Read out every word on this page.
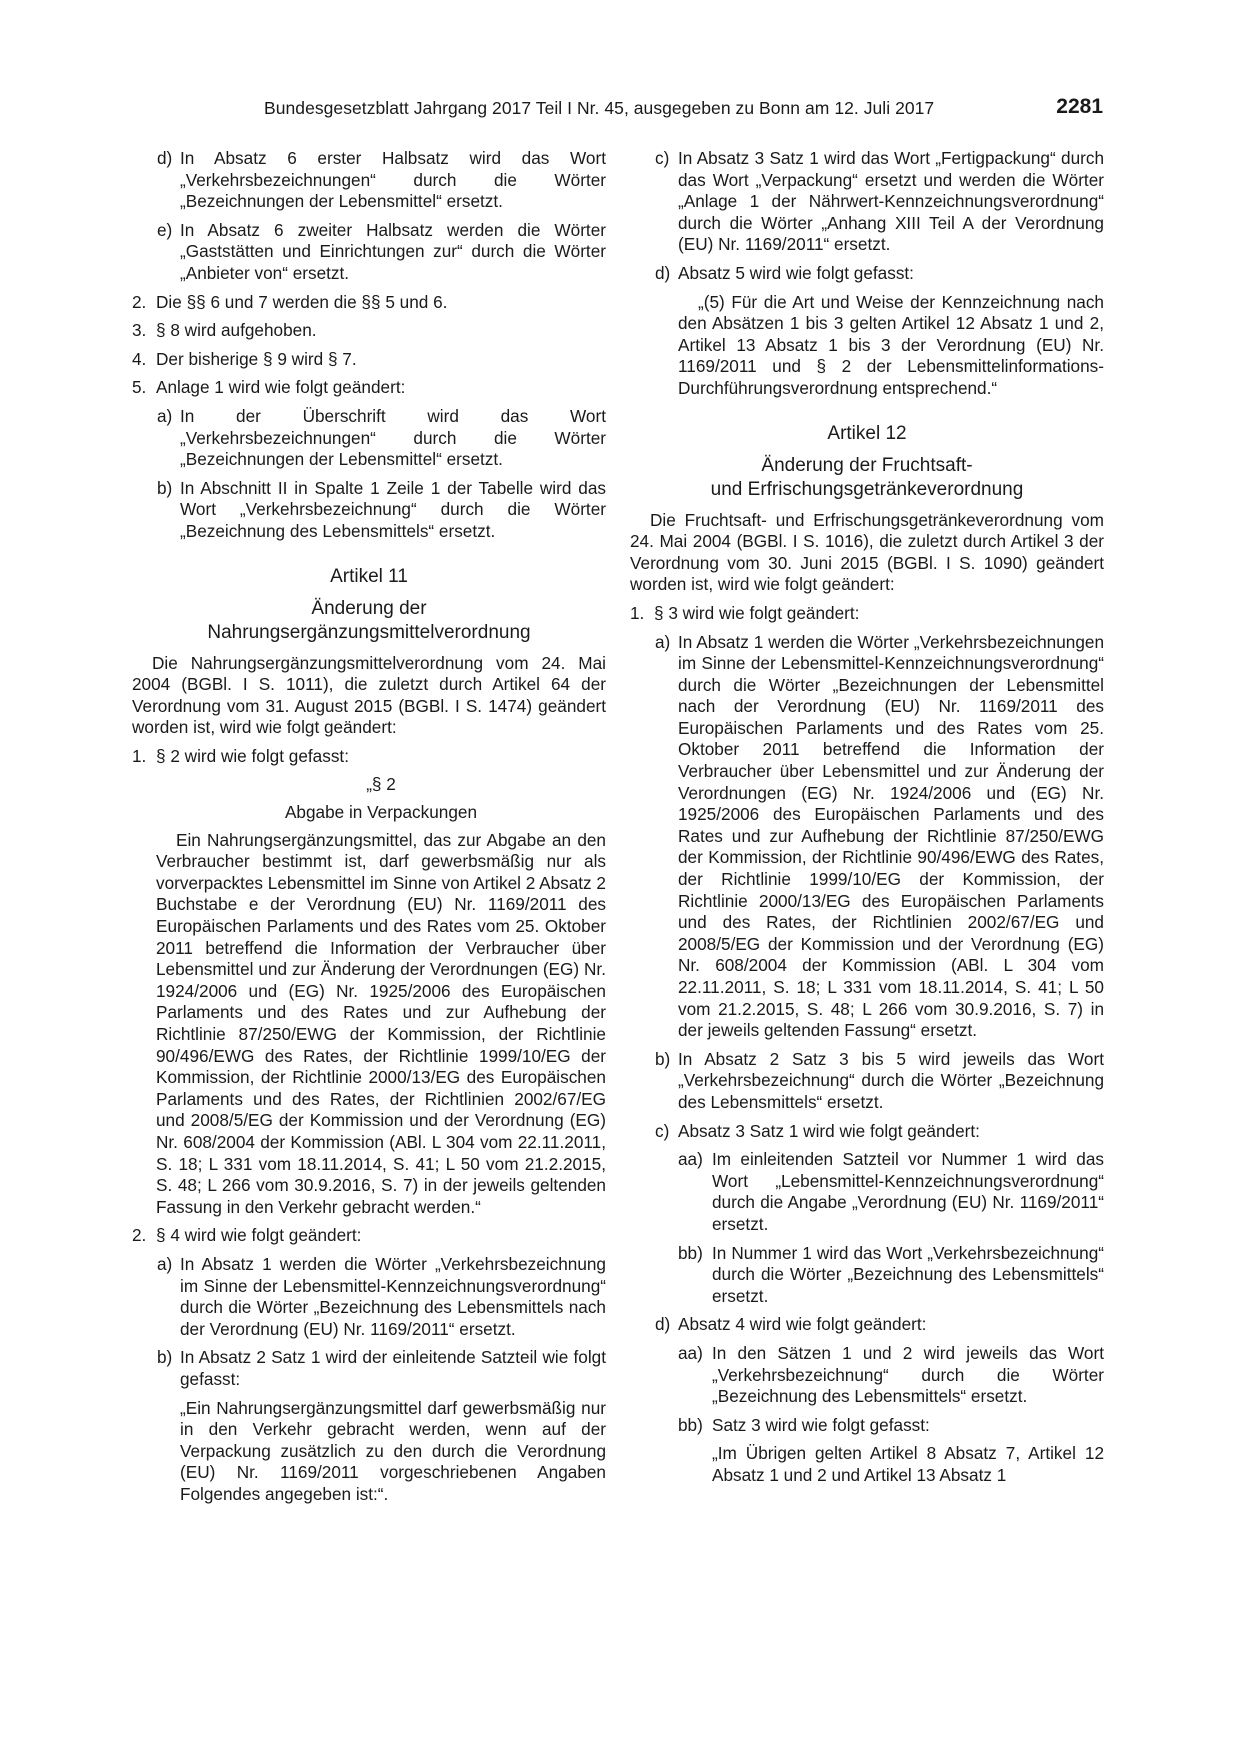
Bundesgesetzblatt Jahrgang 2017 Teil I Nr. 45, ausgegeben zu Bonn am 12. Juli 2017	2281
d) In Absatz 6 erster Halbsatz wird das Wort „Verkehrsbezeichnungen“ durch die Wörter „Bezeichnungen der Lebensmittel“ ersetzt.
e) In Absatz 6 zweiter Halbsatz werden die Wörter „Gaststätten und Einrichtungen zur“ durch die Wörter „Anbieter von“ ersetzt.
2. Die §§ 6 und 7 werden die §§ 5 und 6.
3. § 8 wird aufgehoben.
4. Der bisherige § 9 wird § 7.
5. Anlage 1 wird wie folgt geändert:
a) In der Überschrift wird das Wort „Verkehrsbezeichnungen“ durch die Wörter „Bezeichnungen der Lebensmittel“ ersetzt.
b) In Abschnitt II in Spalte 1 Zeile 1 der Tabelle wird das Wort „Verkehrsbezeichnung“ durch die Wörter „Bezeichnung des Lebensmittels“ ersetzt.
Artikel 11
Änderung der
Nahrungsergänzungsmittelverordnung
Die Nahrungsergänzungsmittelverordnung vom 24. Mai 2004 (BGBl. I S. 1011), die zuletzt durch Artikel 64 der Verordnung vom 31. August 2015 (BGBl. I S. 1474) geändert worden ist, wird wie folgt geändert:
1. § 2 wird wie folgt gefasst:
„§ 2
Abgabe in Verpackungen
Ein Nahrungsergänzungsmittel, das zur Abgabe an den Verbraucher bestimmt ist, darf gewerbsmäßig nur als vorverpacktes Lebensmittel im Sinne von Artikel 2 Absatz 2 Buchstabe e der Verordnung (EU) Nr. 1169/2011 des Europäischen Parlaments und des Rates vom 25. Oktober 2011 betreffend die Information der Verbraucher über Lebensmittel und zur Änderung der Verordnungen (EG) Nr. 1924/2006 und (EG) Nr. 1925/2006 des Europäischen Parlaments und des Rates und zur Aufhebung der Richtlinie 87/250/EWG der Kommission, der Richtlinie 90/496/EWG des Rates, der Richtlinie 1999/10/EG der Kommission, der Richtlinie 2000/13/EG des Europäischen Parlaments und des Rates, der Richtlinien 2002/67/EG und 2008/5/EG der Kommission und der Verordnung (EG) Nr. 608/2004 der Kommission (ABl. L 304 vom 22.11.2011, S. 18; L 331 vom 18.11.2014, S. 41; L 50 vom 21.2.2015, S. 48; L 266 vom 30.9.2016, S. 7) in der jeweils geltenden Fassung in den Verkehr gebracht werden.“
2. § 4 wird wie folgt geändert:
a) In Absatz 1 werden die Wörter „Verkehrsbezeichnung im Sinne der Lebensmittel-Kennzeichnungsverordnung“ durch die Wörter „Bezeichnung des Lebensmittels nach der Verordnung (EU) Nr. 1169/2011“ ersetzt.
b) In Absatz 2 Satz 1 wird der einleitende Satzteil wie folgt gefasst:
„Ein Nahrungsergänzungsmittel darf gewerbsmäßig nur in den Verkehr gebracht werden, wenn auf der Verpackung zusätzlich zu den durch die Verordnung (EU) Nr. 1169/2011 vorgeschriebenen Angaben Folgendes angegeben ist:“.
c) In Absatz 3 Satz 1 wird das Wort „Fertigpackung“ durch das Wort „Verpackung“ ersetzt und werden die Wörter „Anlage 1 der Nährwert-Kennzeichnungsverordnung“ durch die Wörter „Anhang XIII Teil A der Verordnung (EU) Nr. 1169/2011“ ersetzt.
d) Absatz 5 wird wie folgt gefasst:
„(5) Für die Art und Weise der Kennzeichnung nach den Absätzen 1 bis 3 gelten Artikel 12 Absatz 1 und 2, Artikel 13 Absatz 1 bis 3 der Verordnung (EU) Nr. 1169/2011 und § 2 der Lebensmittelinformations-Durchführungsverordnung entsprechend.“
Artikel 12
Änderung der Fruchtsaft-
und Erfrischungsgetränkeverordnung
Die Fruchtsaft- und Erfrischungsgetränkeverordnung vom 24. Mai 2004 (BGBl. I S. 1016), die zuletzt durch Artikel 3 der Verordnung vom 30. Juni 2015 (BGBl. I S. 1090) geändert worden ist, wird wie folgt geändert:
1. § 3 wird wie folgt geändert:
a) In Absatz 1 werden die Wörter „Verkehrsbezeichnungen im Sinne der Lebensmittel-Kennzeichnungsverordnung“ durch die Wörter „Bezeichnungen der Lebensmittel nach der Verordnung (EU) Nr. 1169/2011 des Europäischen Parlaments und des Rates vom 25. Oktober 2011 betreffend die Information der Verbraucher über Lebensmittel und zur Änderung der Verordnungen (EG) Nr. 1924/2006 und (EG) Nr. 1925/2006 des Europäischen Parlaments und des Rates und zur Aufhebung der Richtlinie 87/250/EWG der Kommission, der Richtlinie 90/496/EWG des Rates, der Richtlinie 1999/10/EG der Kommission, der Richtlinie 2000/13/EG des Europäischen Parlaments und des Rates, der Richtlinien 2002/67/EG und 2008/5/EG der Kommission und der Verordnung (EG) Nr. 608/2004 der Kommission (ABl. L 304 vom 22.11.2011, S. 18; L 331 vom 18.11.2014, S. 41; L 50 vom 21.2.2015, S. 48; L 266 vom 30.9.2016, S. 7) in der jeweils geltenden Fassung“ ersetzt.
b) In Absatz 2 Satz 3 bis 5 wird jeweils das Wort „Verkehrsbezeichnung“ durch die Wörter „Bezeichnung des Lebensmittels“ ersetzt.
c) Absatz 3 Satz 1 wird wie folgt geändert:
aa) Im einleitenden Satzteil vor Nummer 1 wird das Wort „Lebensmittel-Kennzeichnungsverordnung“ durch die Angabe „Verordnung (EU) Nr. 1169/2011“ ersetzt.
bb) In Nummer 1 wird das Wort „Verkehrsbezeichnung“ durch die Wörter „Bezeichnung des Lebensmittels“ ersetzt.
d) Absatz 4 wird wie folgt geändert:
aa) In den Sätzen 1 und 2 wird jeweils das Wort „Verkehrsbezeichnung“ durch die Wörter „Bezeichnung des Lebensmittels“ ersetzt.
bb) Satz 3 wird wie folgt gefasst:
„Im Übrigen gelten Artikel 8 Absatz 7, Artikel 12 Absatz 1 und 2 und Artikel 13 Absatz 1
